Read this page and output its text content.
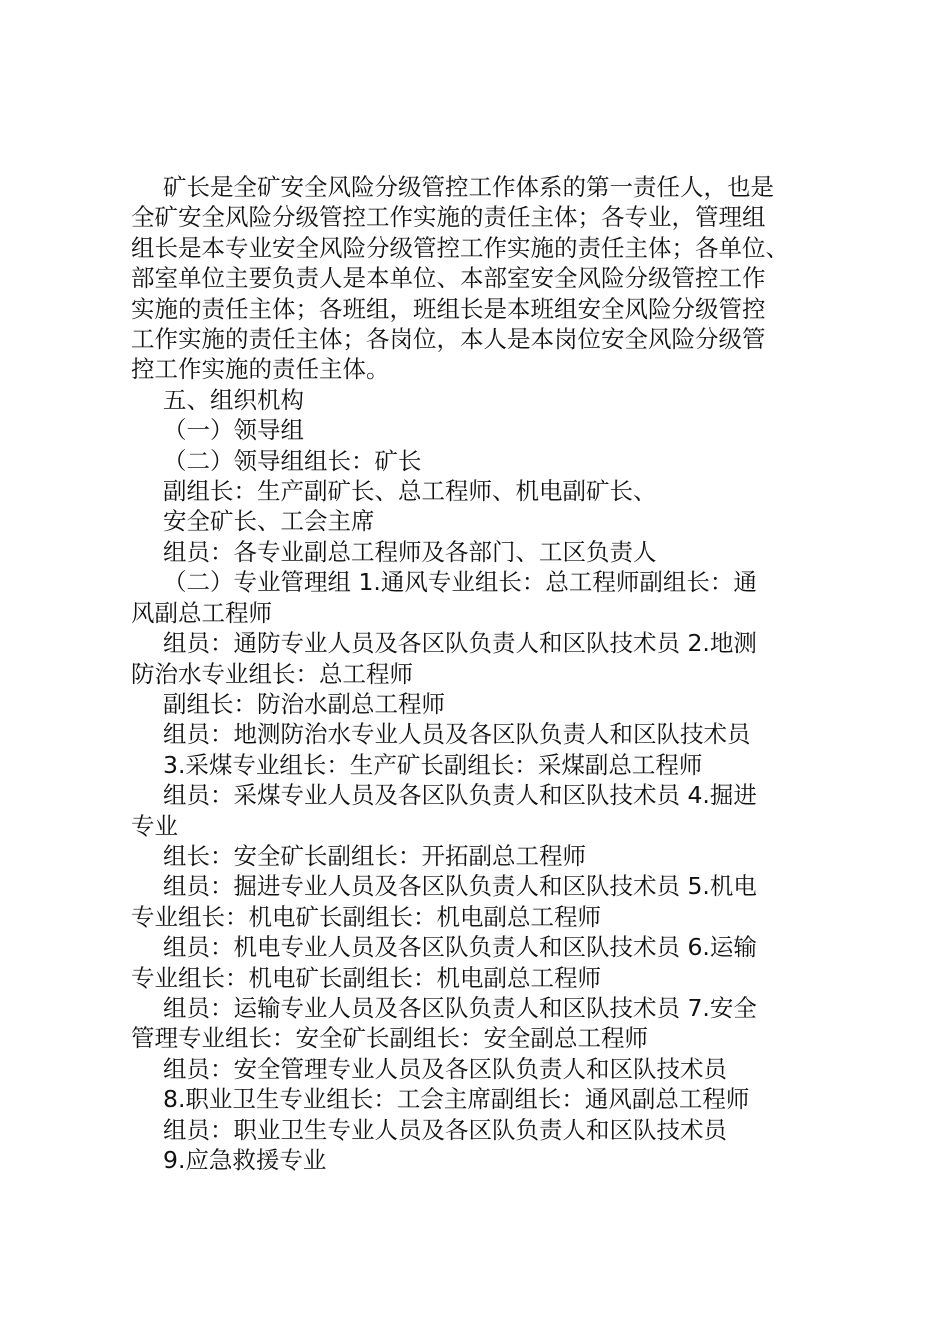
矿长是全矿安全风险分级管控工作体系的第一责任人，也是
全矿安全风险分级管控工作实施的责任主体；各专业，管理组
组长是本专业安全风险分级管控工作实施的责任主体；各单位、
部室单位主要负责人是本单位、本部室安全风险分级管控工作
实施的责任主体；各班组，班组长是本班组安全风险分级管控
工作实施的责任主体；各岗位，本人是本岗位安全风险分级管
控工作实施的责任主体。
五、组织机构
（一）领导组
（二）领导组组长：矿长
副组长：生产副矿长、总工程师、机电副矿长、
安全矿长、工会主席
组员：各专业副总工程师及各部门、工区负责人
（二）专业管理组 1.通风专业组长：总工程师副组长：通
风副总工程师
组员：通防专业人员及各区队负责人和区队技术员 2.地测
防治水专业组长：总工程师
副组长：防治水副总工程师
组员：地测防治水专业人员及各区队负责人和区队技术员
3.采煤专业组长：生产矿长副组长：采煤副总工程师
组员：采煤专业人员及各区队负责人和区队技术员 4.掘进
专业
组长：安全矿长副组长：开拓副总工程师
组员：掘进专业人员及各区队负责人和区队技术员 5.机电
专业组长：机电矿长副组长：机电副总工程师
组员：机电专业人员及各区队负责人和区队技术员 6.运输
专业组长：机电矿长副组长：机电副总工程师
组员：运输专业人员及各区队负责人和区队技术员 7.安全
管理专业组长：安全矿长副组长：安全副总工程师
组员：安全管理专业人员及各区队负责人和区队技术员
8.职业卫生专业组长：工会主席副组长：通风副总工程师
组员：职业卫生专业人员及各区队负责人和区队技术员
9.应急救援专业
